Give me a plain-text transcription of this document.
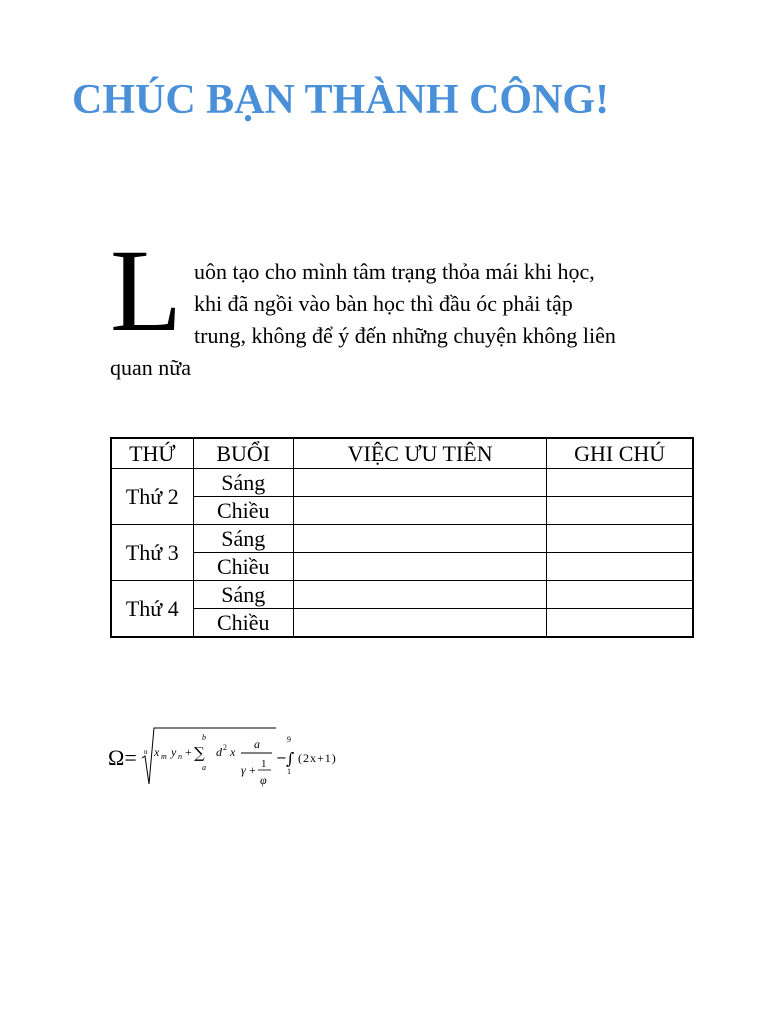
CHÚC BẠN THÀNH CÔNG!
L uôn tạo cho mình tâm trạng thỏa mái khi học,
khi đã ngồi vào bàn học thì đầu óc phải tập
trung, không để ý đến những chuyện không liên
quan nữa
THỨ	BUỔI	VIỆC ƯU TIÊN	GHI CHÚ
Thứ 2	Sáng		
	Chiều		
Thứ 3	Sáng		
	Chiều		
Thứ 4	Sáng		
	Chiều		
Ω= n x m y n + ∑
b
a
d 2 x
a
γ + 1
φ
− ∫
9
1
(2x+1)
